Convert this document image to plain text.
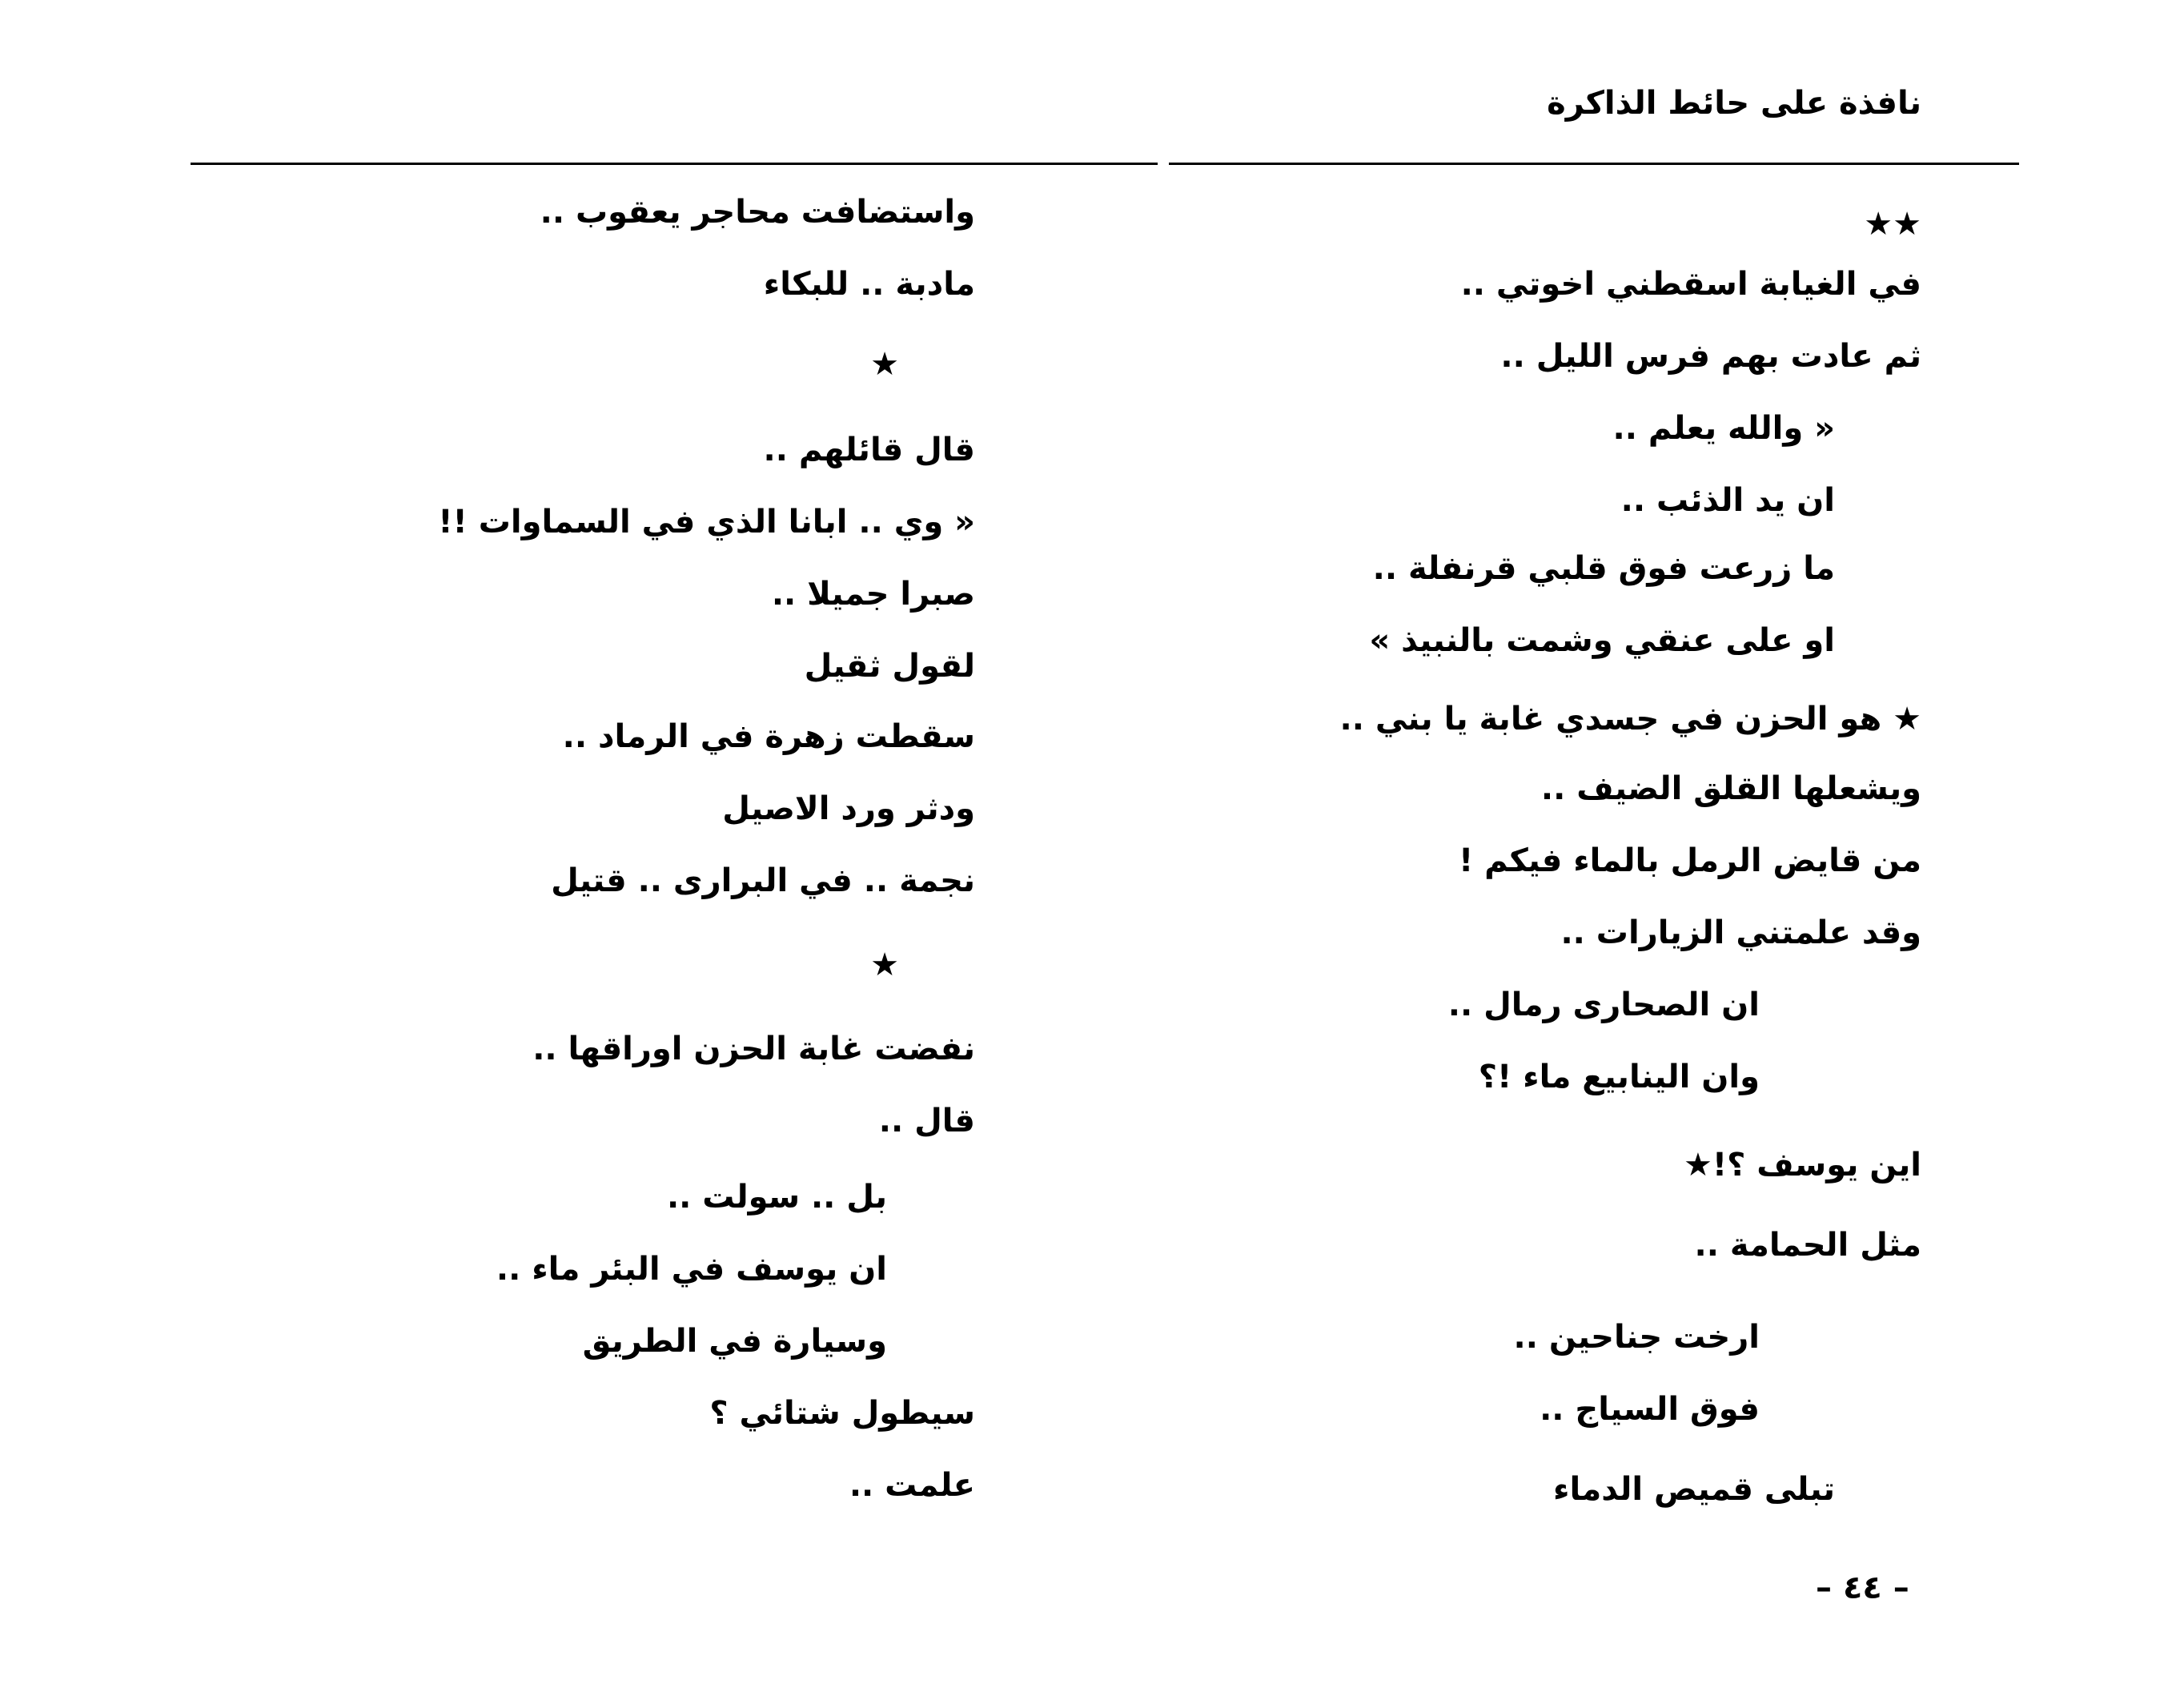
نافذة على حائط الذاكرة
★★
في الغيابة اسقطني اخوتي ..
ثم عادت بهم فرس الليل ..
« والله يعلم ..
ان يد الذئب ..
ما زرعت فوق قلبي قرنفلة ..
او على عنقي وشمت بالنبيذ »
★ هو الحزن في جسدي غابة يا بني ..
ويشعلها القلق الضيف ..
من قايض الرمل بالماء فيكم !
وقد علمتني الزيارات ..
ان الصحارى رمال ..
وان الينابيع ماء !؟
اين يوسف ؟!★
مثل الحمامة ..
ارخت جناحين ..
فوق السياج ..
تبلى قميص الدماء
واستضافت محاجر يعقوب ..
مادبة .. للبكاء
★
قال قائلهم ..
« وي .. ابانا الذي في السماوات !!
صبرا جميلا ..
لقول ثقيل
سقطت زهرة في الرماد ..
ودثر ورد الاصيل
نجمة .. في البرارى .. قتيل
★
نفضت غابة الحزن اوراقها ..
قال ..
بل .. سولت ..
ان يوسف في البئر ماء ..
وسيارة في الطريق
سيطول شتائي ؟
علمت ..
– ٤٤ –
